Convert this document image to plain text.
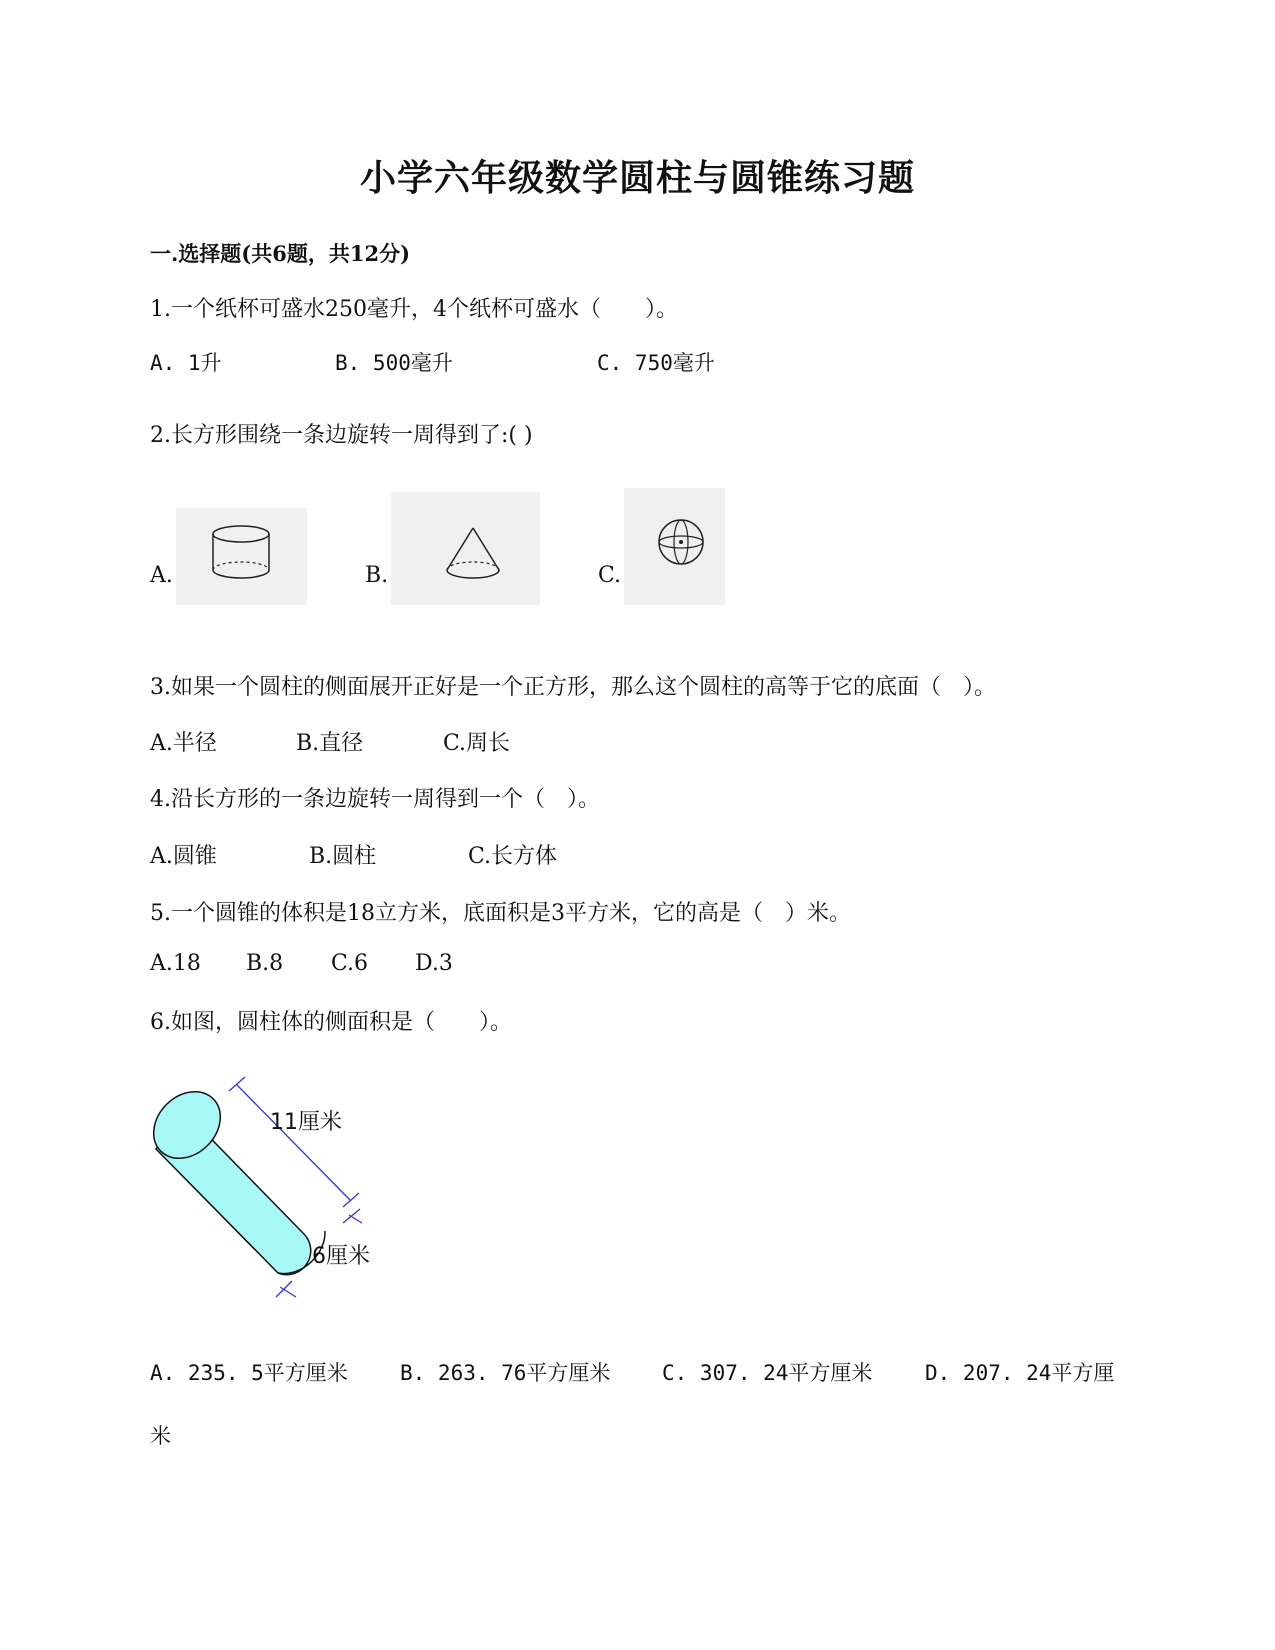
小学六年级数学圆柱与圆锥练习题
一.选择题(共6题，共12分)
1.一个纸杯可盛水250毫升，4个纸杯可盛水（　　）。
A. 1升	B. 500毫升	C. 750毫升
2.长方形围绕一条边旋转一周得到了:( )
A.	B.	C.
3.如果一个圆柱的侧面展开正好是一个正方形，那么这个圆柱的高等于它的底面（　）。
A.半径	B.直径	C.周长
4.沿长方形的一条边旋转一周得到一个（　）。
A.圆锥	B.圆柱	C.长方体
5.一个圆锥的体积是18立方米，底面积是3平方米，它的高是（　）米。
A.18 B.8 C.6 D.3
6.如图，圆柱体的侧面积是（　　）。
11厘米
6厘米
A. 235. 5平方厘米 B. 263. 76平方厘米 C. 307. 24平方厘米	D. 207. 24平方厘
米
